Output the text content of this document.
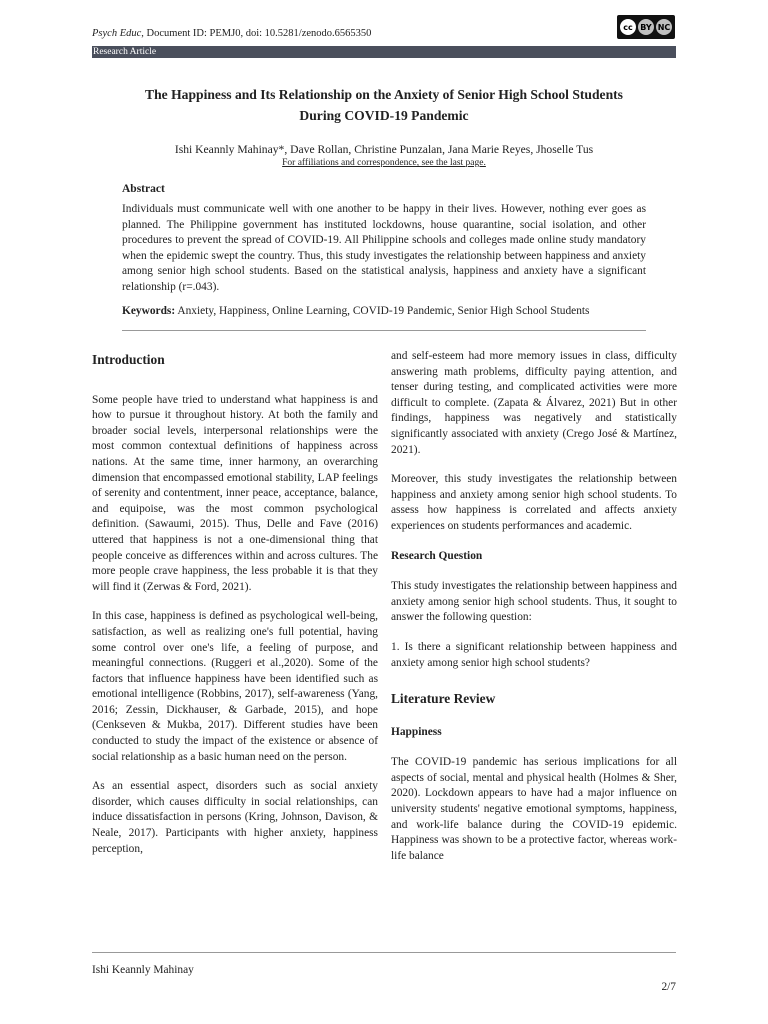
Psych Educ, Document ID: PEMJ0, doi: 10.5281/zenodo.6565350
cc BY NC
Research Article
The Happiness and Its Relationship on the Anxiety of Senior High School Students
During COVID-19 Pandemic
Ishi Keannly Mahinay*, Dave Rollan, Christine Punzalan, Jana Marie Reyes, Jhoselle Tus
For affiliations and correspondence, see the last page.
Abstract
Individuals must communicate well with one another to be happy in their lives. However, nothing ever goes as planned. The Philippine government has instituted lockdowns, house quarantine, social isolation, and other procedures to prevent the spread of COVID-19. All Philippine schools and colleges made online study mandatory when the epidemic swept the country. Thus, this study investigates the relationship between happiness and anxiety among senior high school students. Based on the statistical analysis, happiness and anxiety have a significant relationship (r=.043).
Keywords: Anxiety, Happiness, Online Learning, COVID-19 Pandemic, Senior High School Students

Introduction

Some people have tried to understand what happiness is and how to pursue it throughout history. At both the family and broader social levels, interpersonal relationships were the most common contextual definitions of happiness across nations. At the same time, inner harmony, an overarching dimension that encompassed emotional stability, LAP feelings of serenity and contentment, inner peace, acceptance, balance, and equipoise, was the most common psychological definition. (Sawaumi, 2015). Thus, Delle and Fave (2016) uttered that happiness is not a one-dimensional thing that people conceive as differences within and across cultures. The more people crave happiness, the less probable it is that they will find it (Zerwas & Ford, 2021).

In this case, happiness is defined as psychological well-being, satisfaction, as well as realizing one's full potential, having some control over one's life, a feeling of purpose, and meaningful connections. (Ruggeri et al.,2020). Some of the factors that influence happiness have been identified such as emotional intelligence (Robbins, 2017), self-awareness (Yang, 2016; Zessin, Dickhauser, & Garbade, 2015), and hope (Cenkseven & Mukba, 2017). Different studies have been conducted to study the impact of the existence or absence of social relationship as a basic human need on the person.

As an essential aspect, disorders such as social anxiety disorder, which causes difficulty in social relationships, can induce dissatisfaction in persons (Kring, Johnson, Davison, & Neale, 2017). Participants with higher anxiety, happiness perception,

and self-esteem had more memory issues in class, difficulty answering math problems, difficulty paying attention, and tenser during testing, and complicated activities were more difficult to complete. (Zapata & Álvarez, 2021) But in other findings, happiness was negatively and statistically significantly associated with anxiety (Crego José & Martínez, 2021).

Moreover, this study investigates the relationship between happiness and anxiety among senior high school students. To assess how happiness is correlated and affects anxiety experiences on students performances and academic.

Research Question

This study investigates the relationship between happiness and anxiety among senior high school students. Thus, it sought to answer the following question:

1. Is there a significant relationship between happiness and anxiety among senior high school students?

Literature Review

Happiness

The COVID-19 pandemic has serious implications for all aspects of social, mental and physical health (Holmes & Sher, 2020). Lockdown appears to have had a major influence on university students' negative emotional symptoms, happiness, and work-life balance during the COVID-19 epidemic. Happiness was shown to be a protective factor, whereas work-life balance

Ishi Keannly Mahinay
2/7
